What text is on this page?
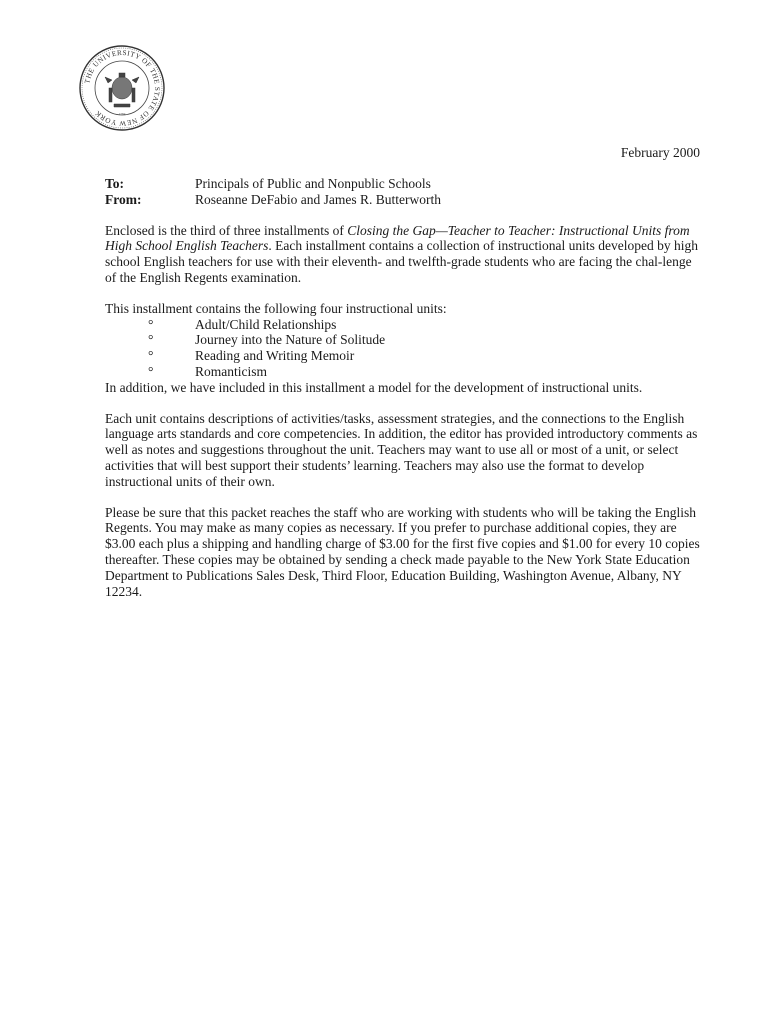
THE UNIVERSITY OF THE STATE OF NEW YORK	1784
February 2000
To:	Principals of Public and Nonpublic Schools
From:	Roseanne DeFabio and James R. Butterworth

Enclosed is the third of three installments of Closing the Gap—Teacher to Teacher: Instructional Units from High School English Teachers. Each installment contains a collection of instructional units developed by high school English teachers for use with their eleventh- and twelfth-grade students who are facing the chal-lenge of the English Regents examination.

This installment contains the following four instructional units:

°	Adult/Child Relationships
°	Journey into the Nature of Solitude
°	Reading and Writing Memoir
°	Romanticism

In addition, we have included in this installment a model for the development of instructional units.

Each unit contains descriptions of activities/tasks, assessment strategies, and the connections to the English language arts standards and core competencies. In addition, the editor has provided introductory comments as well as notes and suggestions throughout the unit. Teachers may want to use all or most of a unit, or select activities that will best support their students’ learning. Teachers may also use the format to develop instructional units of their own.

Please be sure that this packet reaches the staff who are working with students who will be taking the English Regents. You may make as many copies as necessary. If you prefer to purchase additional copies, they are $3.00 each plus a shipping and handling charge of $3.00 for the first five copies and $1.00 for every 10 copies thereafter. These copies may be obtained by sending a check made payable to the New York State Education Department to Publications Sales Desk, Third Floor, Education Building, Washington Avenue, Albany, NY 12234.
